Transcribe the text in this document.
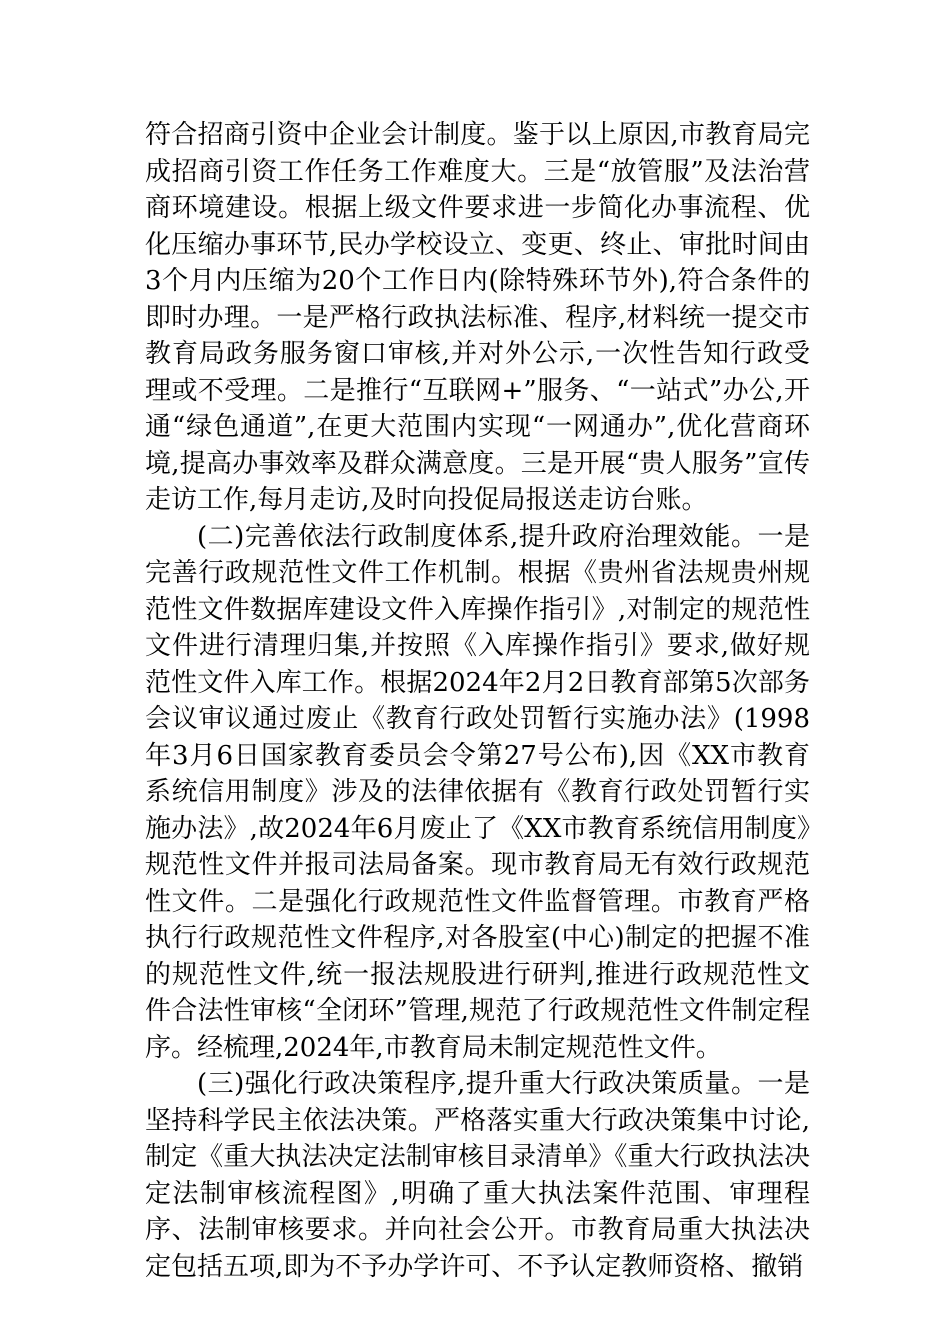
符合招商引资中企业会计制度。鉴于以上原因,市教育局完成招商引资工作任务工作难度大。三是“放管服”及法治营商环境建设。根据上级文件要求进一步简化办事流程、优化压缩办事环节,民办学校设立、变更、终止、审批时间由3个月内压缩为20个工作日内(除特殊环节外),符合条件的即时办理。一是严格行政执法标准、程序,材料统一提交市教育局政务服务窗口审核,并对外公示,一次性告知行政受理或不受理。二是推行“互联网+”服务、“一站式”办公,开通“绿色通道”,在更大范围内实现“一网通办”,优化营商环境,提高办事效率及群众满意度。三是开展“贵人服务”宣传走访工作,每月走访,及时向投促局报送走访台账。

(二)完善依法行政制度体系,提升政府治理效能。一是完善行政规范性文件工作机制。根据《贵州省法规贵州规范性文件数据库建设文件入库操作指引》,对制定的规范性文件进行清理归集,并按照《入库操作指引》要求,做好规范性文件入库工作。根据2024年2月2日教育部第5次部务会议审议通过废止《教育行政处罚暂行实施办法》(1998年3月6日国家教育委员会令第27号公布),因《XX市教育系统信用制度》涉及的法律依据有《教育行政处罚暂行实施办法》,故2024年6月废止了《XX市教育系统信用制度》规范性文件并报司法局备案。现市教育局无有效行政规范性文件。二是强化行政规范性文件监督管理。市教育严格执行行政规范性文件程序,对各股室(中心)制定的把握不准的规范性文件,统一报法规股进行研判,推进行政规范性文件合法性审核“全闭环”管理,规范了行政规范性文件制定程序。经梳理,2024年,市教育局未制定规范性文件。

(三)强化行政决策程序,提升重大行政决策质量。一是坚持科学民主依法决策。严格落实重大行政决策集中讨论,制定《重大执法决定法制审核目录清单》《重大行政执法决定法制审核流程图》,明确了重大执法案件范围、审理程序、法制审核要求。并向社会公开。市教育局重大执法决定包括五项,即为不予办学许可、不予认定教师资格、撤销
